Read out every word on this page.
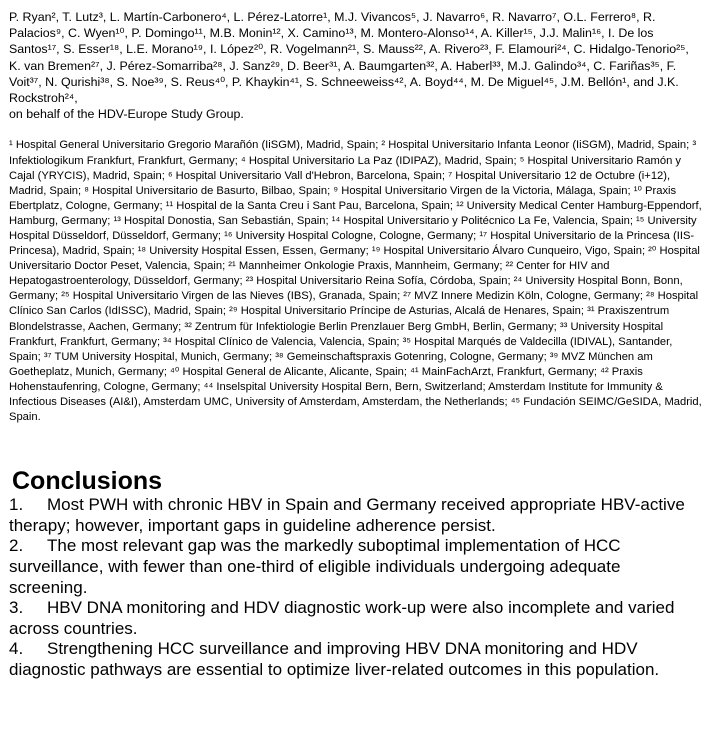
P. Ryan², T. Lutz³, L. Martín-Carbonero⁴, L. Pérez-Latorre¹, M.J. Vivancos⁵, J. Navarro⁶, R. Navarro⁷, O.L. Ferrero⁸, R. Palacios⁹, C. Wyen¹⁰, P. Domingo¹¹, M.B. Monin¹², X. Camino¹³, M. Montero-Alonso¹⁴, A. Killer¹⁵, J.J. Malin¹⁶, I. De los Santos¹⁷, S. Esser¹⁸, L.E. Morano¹⁹, I. López²⁰, R. Vogelmann²¹, S. Mauss²², A. Rivero²³, F. Elamouri²⁴, C. Hidalgo-Tenorio²⁵, K. van Bremen²⁷, J. Pérez-Somarriba²⁸, J. Sanz²⁹, D. Beer³¹, A. Baumgarten³², A. Haberl³³, M.J. Galindo³⁴, C. Fariñas³⁵, F. Voit³⁷, N. Qurishi³⁸, S. Noe³⁹, S. Reus⁴⁰, P. Khaykin⁴¹, S. Schneeweiss⁴², A. Boyd⁴⁴, M. De Miguel⁴⁵, J.M. Bellón¹, and J.K. Rockstroh²⁴,
on behalf of the HDV-Europe Study Group.

¹ Hospital General Universitario Gregorio Marañón (IiSGM), Madrid, Spain; ² Hospital Universitario Infanta Leonor (IiSGM), Madrid, Spain; ³ Infektiologikum Frankfurt, Frankfurt, Germany; ⁴ Hospital Universitario La Paz (IDIPAZ), Madrid, Spain; ⁵ Hospital Universitario Ramón y Cajal (YRYCIS), Madrid, Spain; ⁶ Hospital Universitario Vall d'Hebron, Barcelona, Spain; ⁷ Hospital Universitario 12 de Octubre (i+12), Madrid, Spain; ⁸ Hospital Universitario de Basurto, Bilbao, Spain; ⁹ Hospital Universitario Virgen de la Victoria, Málaga, Spain; ¹⁰ Praxis Ebertplatz, Cologne, Germany; ¹¹ Hospital de la Santa Creu i Sant Pau, Barcelona, Spain; ¹² University Medical Center Hamburg-Eppendorf, Hamburg, Germany; ¹³ Hospital Donostia, San Sebastián, Spain; ¹⁴ Hospital Universitario y Politécnico La Fe, Valencia, Spain; ¹⁵ University Hospital Düsseldorf, Düsseldorf, Germany; ¹⁶ University Hospital Cologne, Cologne, Germany; ¹⁷ Hospital Universitario de la Princesa (IIS-Princesa), Madrid, Spain; ¹⁸ University Hospital Essen, Essen, Germany; ¹⁹ Hospital Universitario Álvaro Cunqueiro, Vigo, Spain; ²⁰ Hospital Universitario Doctor Peset, Valencia, Spain; ²¹ Mannheimer Onkologie Praxis, Mannheim, Germany; ²² Center for HIV and Hepatogastroenterology, Düsseldorf, Germany; ²³ Hospital Universitario Reina Sofía, Córdoba, Spain; ²⁴ University Hospital Bonn, Bonn, Germany; ²⁵ Hospital Universitario Virgen de las Nieves (IBS), Granada, Spain; ²⁷ MVZ Innere Medizin Köln, Cologne, Germany; ²⁸ Hospital Clínico San Carlos (IdISSC), Madrid, Spain; ²⁹ Hospital Universitario Príncipe de Asturias, Alcalá de Henares, Spain; ³¹ Praxiszentrum Blondelstrasse, Aachen, Germany; ³² Zentrum für Infektiologie Berlin Prenzlauer Berg GmbH, Berlin, Germany; ³³ University Hospital Frankfurt, Frankfurt, Germany; ³⁴ Hospital Clínico de Valencia, Valencia, Spain; ³⁵ Hospital Marqués de Valdecilla (IDIVAL), Santander, Spain; ³⁷ TUM University Hospital, Munich, Germany; ³⁸ Gemeinschaftspraxis Gotenring, Cologne, Germany; ³⁹ MVZ München am Goetheplatz, Munich, Germany; ⁴⁰ Hospital General de Alicante, Alicante, Spain; ⁴¹ MainFachArzt, Frankfurt, Germany; ⁴² Praxis Hohenstaufenring, Cologne, Germany; ⁴⁴ Inselspital University Hospital Bern, Bern, Switzerland; Amsterdam Institute for Immunity & Infectious Diseases (AI&I), Amsterdam UMC, University of Amsterdam, Amsterdam, the Netherlands; ⁴⁵ Fundación SEIMC/GeSIDA, Madrid, Spain.

Conclusions
1. Most PWH with chronic HBV in Spain and Germany received appropriate HBV-active therapy; however, important gaps in guideline adherence persist.
2. The most relevant gap was the markedly suboptimal implementation of HCC surveillance, with fewer than one-third of eligible individuals undergoing adequate screening.
3. HBV DNA monitoring and HDV diagnostic work-up were also incomplete and varied across countries.
4. Strengthening HCC surveillance and improving HBV DNA monitoring and HDV diagnostic pathways are essential to optimize liver-related outcomes in this population.
